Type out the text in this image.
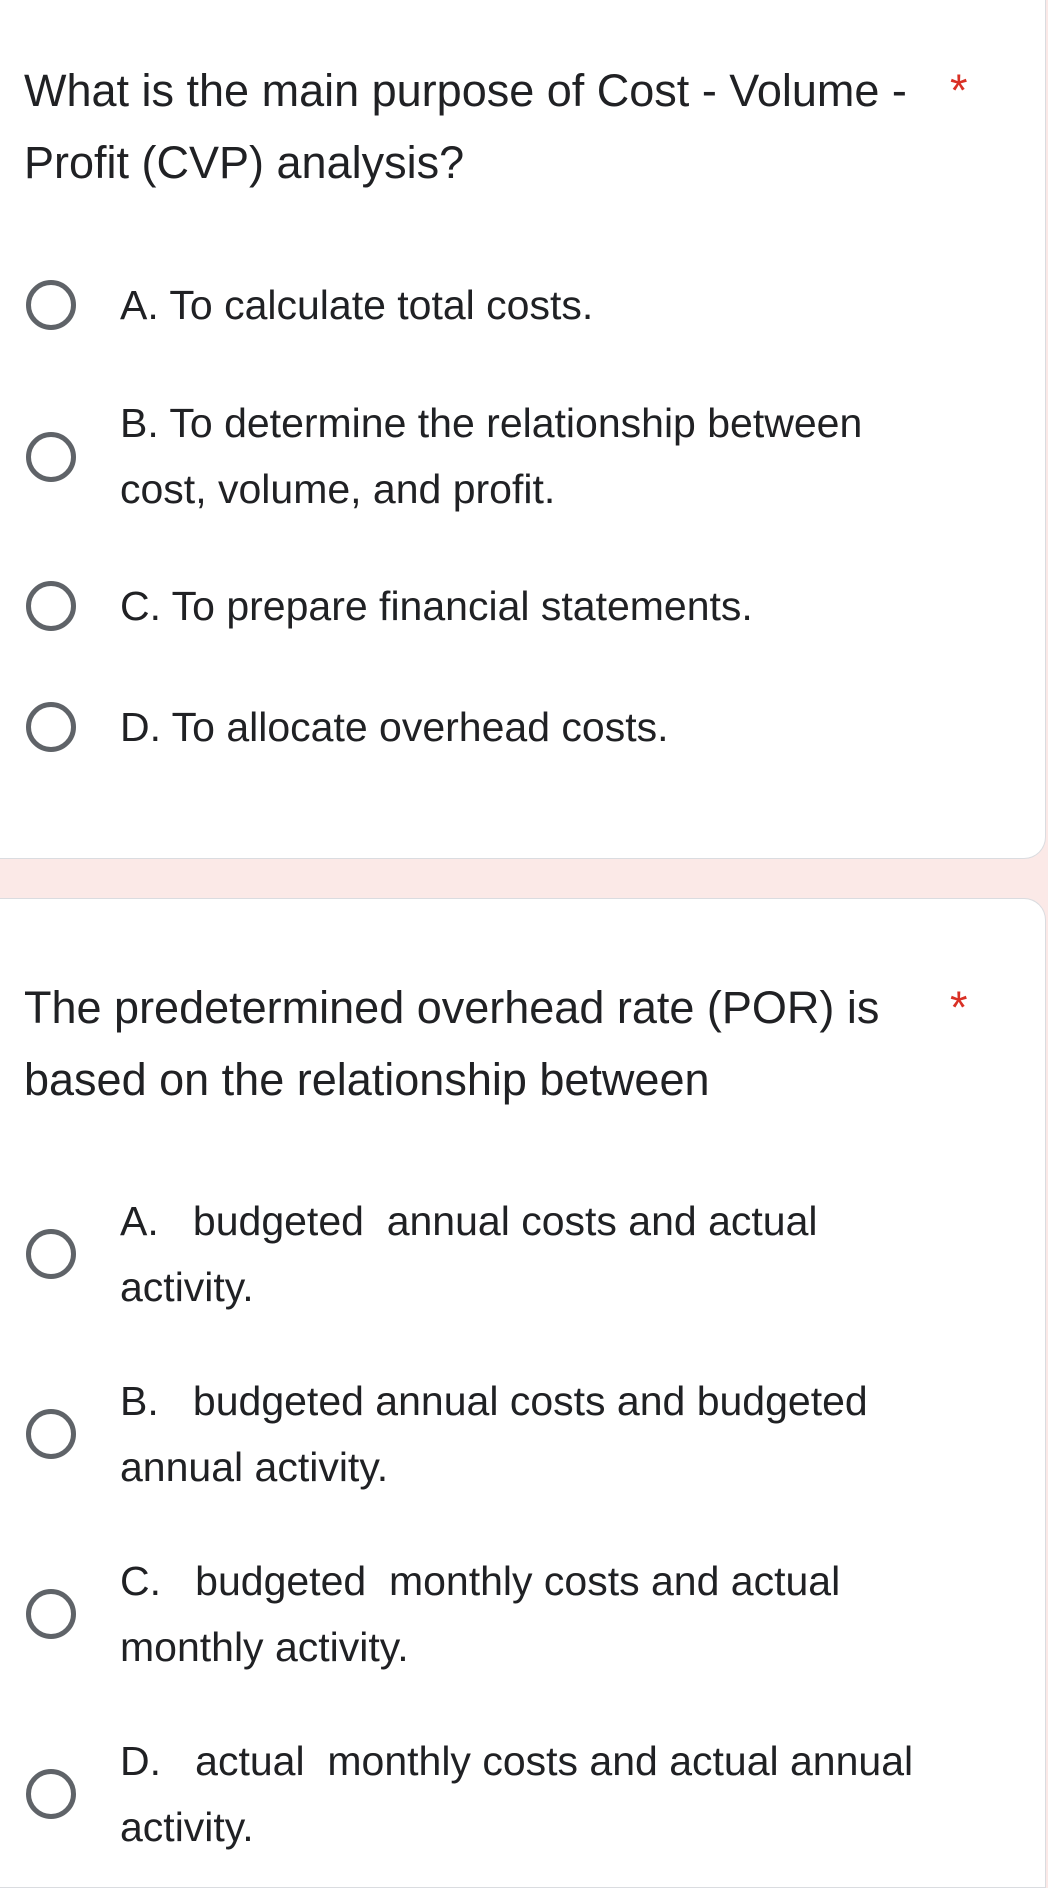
What is the main purpose of Cost - Volume - Profit (CVP) analysis?

*
A. To calculate total costs.
B. To determine the relationship between cost, volume, and profit.
C. To prepare financial statements.
D. To allocate overhead costs.

The predetermined overhead rate (POR) is based on the relationship between

*
A.   budgeted  annual costs and actual activity.
B.   budgeted annual costs and budgeted annual activity.
C.   budgeted  monthly costs and actual monthly activity.
D.   actual  monthly costs and actual annual activity.
